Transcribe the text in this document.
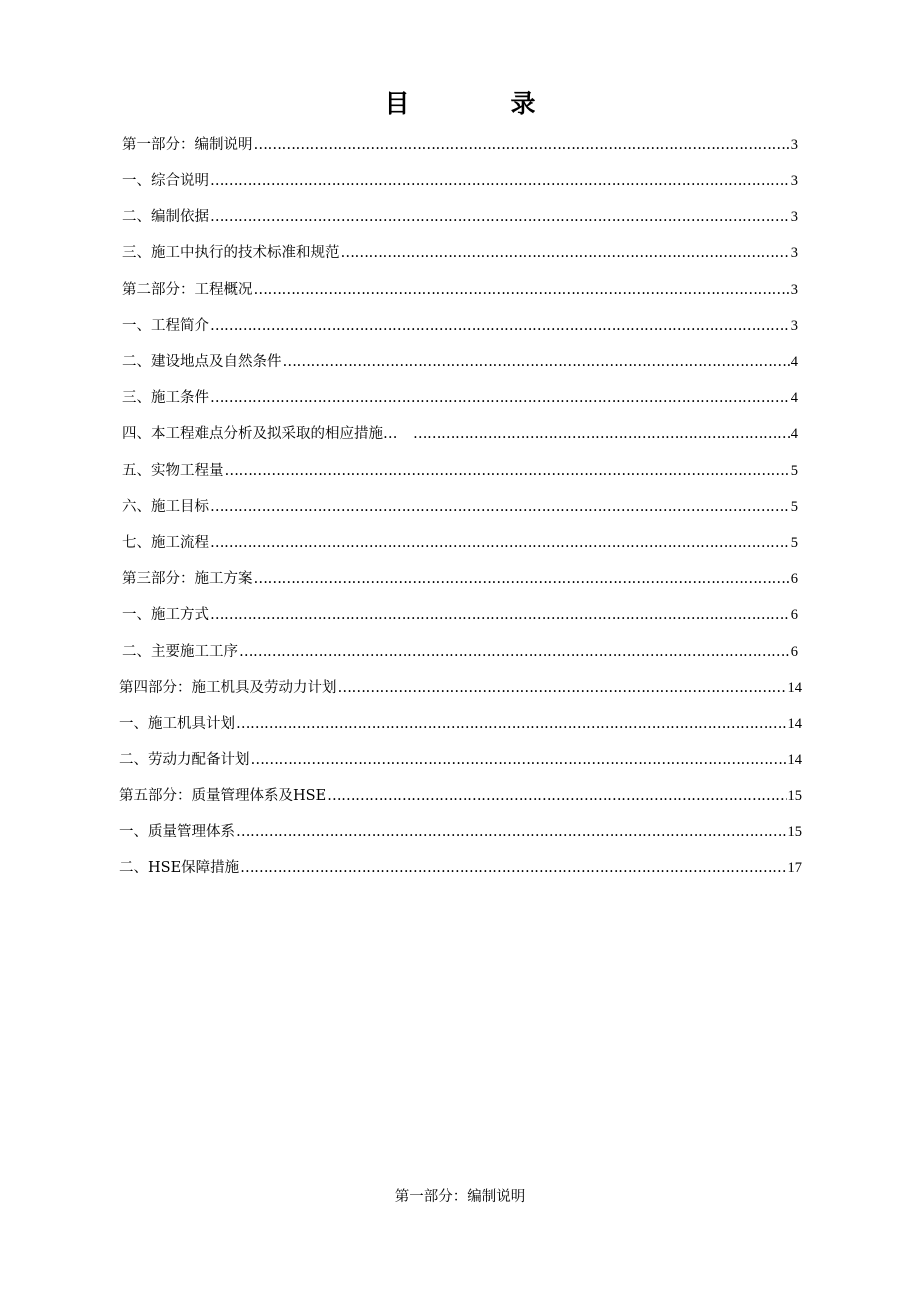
目　录
第一部分：编制说明 ……………………………………………………………………………………………………………………………………………………………………………………………………	3
一、综合说明 ……………………………………………………………………………………………………………………………………………………………………………………………………	3
二、编制依据 ……………………………………………………………………………………………………………………………………………………………………………………………………	3
三、施工中执行的技术标准和规范 ……………………………………………………………………………………………………………………………………………………………………………………………………	3
第二部分：工程概况 ……………………………………………………………………………………………………………………………………………………………………………………………………	3
一、工程简介 ……………………………………………………………………………………………………………………………………………………………………………………………………	3
二、建设地点及自然条件 ……………………………………………………………………………………………………………………………………………………………………………………………………	4
三、施工条件 ……………………………………………………………………………………………………………………………………………………………………………………………………	4
四、本工程难点分析及拟采取的相应措施…　 ……………………………………………………………………………………………………………………………………………………………………………………………………	4
五、实物工程量 ……………………………………………………………………………………………………………………………………………………………………………………………………	5
六、施工目标 ……………………………………………………………………………………………………………………………………………………………………………………………………	5
七、施工流程 ……………………………………………………………………………………………………………………………………………………………………………………………………	5
第三部分：施工方案 ……………………………………………………………………………………………………………………………………………………………………………………………………	6
一、施工方式 ……………………………………………………………………………………………………………………………………………………………………………………………………	6
二、主要施工工序 ……………………………………………………………………………………………………………………………………………………………………………………………………	6
第四部分：施工机具及劳动力计划 ……………………………………………………………………………………………………………………………………………………………………………………………………	14
一、施工机具计划 ……………………………………………………………………………………………………………………………………………………………………………………………………	14
二、劳动力配备计划 ……………………………………………………………………………………………………………………………………………………………………………………………………	14
第五部分：质量管理体系及HSE ……………………………………………………………………………………………………………………………………………………………………………………………………	15
一、质量管理体系 ……………………………………………………………………………………………………………………………………………………………………………………………………	15
二、HSE保障措施 ……………………………………………………………………………………………………………………………………………………………………………………………………	17
第一部分：编制说明
